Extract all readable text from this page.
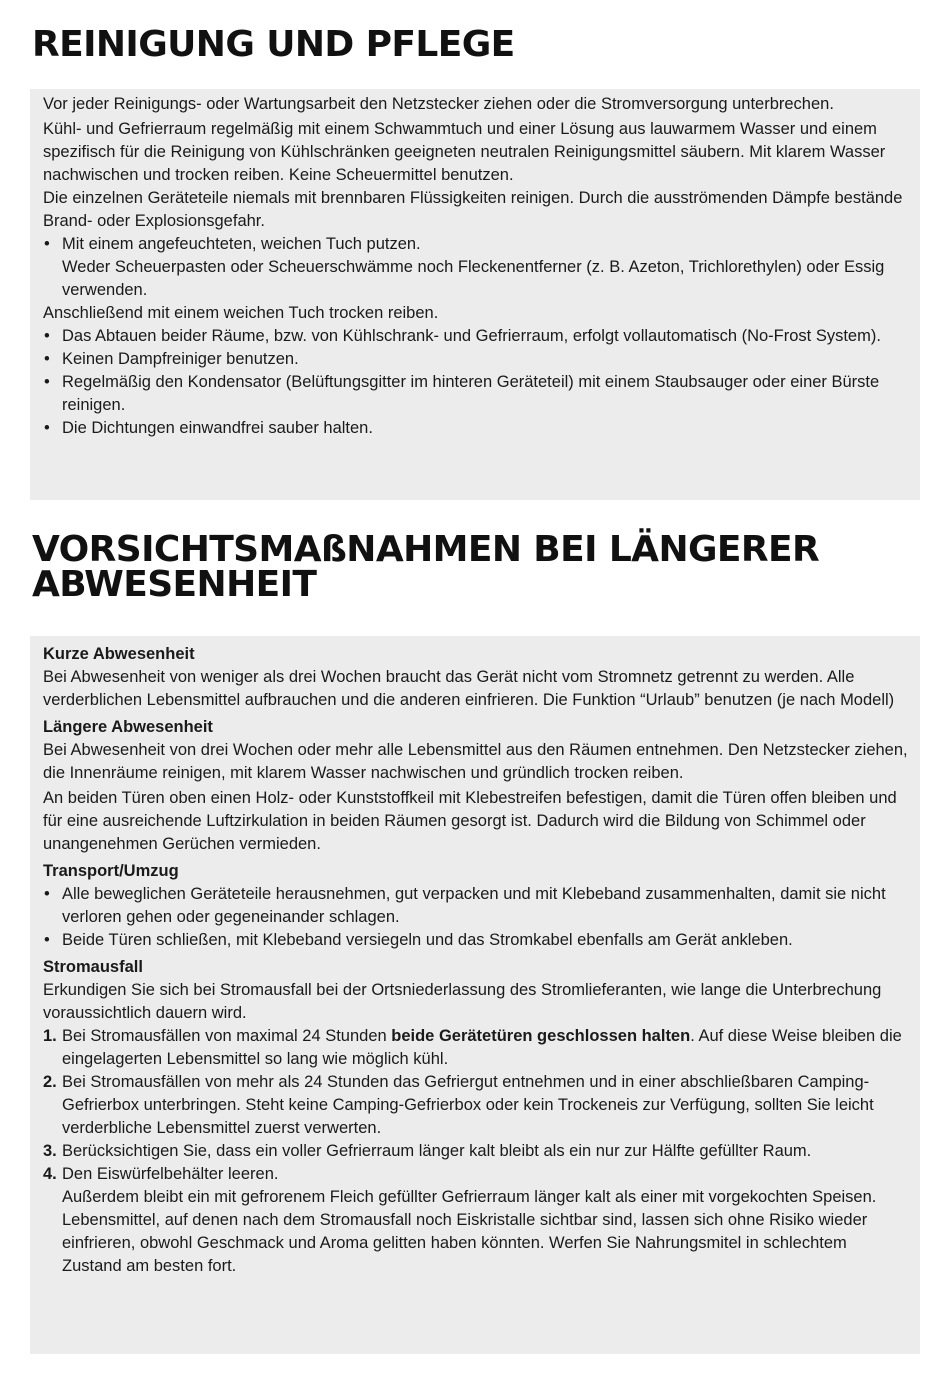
REINIGUNG UND PFLEGE

Vor jeder Reinigungs- oder Wartungsarbeit den Netzstecker ziehen oder die Stromversorgung unterbrechen.

Kühl- und Gefrierraum regelmäßig mit einem Schwammtuch und einer Lösung aus lauwarmem Wasser und einem spezifisch für die Reinigung von Kühlschränken geeigneten neutralen Reinigungsmittel säubern. Mit klarem Wasser nachwischen und trocken reiben. Keine Scheuermittel benutzen.

Die einzelnen Geräteteile niemals mit brennbaren Flüssigkeiten reinigen. Durch die ausströmenden Dämpfe bestände Brand- oder Explosionsgefahr.

• Mit einem angefeuchteten, weichen Tuch putzen.

Weder Scheuerpasten oder Scheuerschwämme noch Fleckenentferner (z. B. Azeton, Trichlorethylen) oder Essig verwenden.

Anschließend mit einem weichen Tuch trocken reiben.

• Das Abtauen beider Räume, bzw. von Kühlschrank- und Gefrierraum, erfolgt vollautomatisch (No-Frost System).
• Keinen Dampfreiniger benutzen.
• Regelmäßig den Kondensator (Belüftungsgitter im hinteren Geräteteil) mit einem Staubsauger oder einer Bürste reinigen.
• Die Dichtungen einwandfrei sauber halten.
VORSICHTSMAßNAHMEN BEI LÄNGERER ABWESENHEIT

Kurze Abwesenheit

Bei Abwesenheit von weniger als drei Wochen braucht das Gerät nicht vom Stromnetz getrennt zu werden. Alle verderblichen Lebensmittel aufbrauchen und die anderen einfrieren. Die Funktion “Urlaub” benutzen (je nach Modell)

Längere Abwesenheit

Bei Abwesenheit von drei Wochen oder mehr alle Lebensmittel aus den Räumen entnehmen. Den Netzstecker ziehen, die Innenräume reinigen, mit klarem Wasser nachwischen und gründlich trocken reiben.

An beiden Türen oben einen Holz- oder Kunststoffkeil mit Klebestreifen befestigen, damit die Türen offen bleiben und für eine ausreichende Luftzirkulation in beiden Räumen gesorgt ist. Dadurch wird die Bildung von Schimmel oder unangenehmen Gerüchen vermieden.

Transport/Umzug

• Alle beweglichen Geräteteile herausnehmen, gut verpacken und mit Klebeband zusammenhalten, damit sie nicht verloren gehen oder gegeneinander schlagen.
• Beide Türen schließen, mit Klebeband versiegeln und das Stromkabel ebenfalls am Gerät ankleben.

Stromausfall

Erkundigen Sie sich bei Stromausfall bei der Ortsniederlassung des Stromlieferanten, wie lange die Unterbrechung voraussichtlich dauern wird.

1. Bei Stromausfällen von maximal 24 Stunden beide Gerätetüren geschlossen halten. Auf diese Weise bleiben die eingelagerten Lebensmittel so lang wie möglich kühl.
2. Bei Stromausfällen von mehr als 24 Stunden das Gefriergut entnehmen und in einer abschließbaren Camping-Gefrierbox unterbringen. Steht keine Camping-Gefrierbox oder kein Trockeneis zur Verfügung, sollten Sie leicht verderbliche Lebensmittel zuerst verwerten.
3. Berücksichtigen Sie, dass ein voller Gefrierraum länger kalt bleibt als ein nur zur Hälfte gefüllter Raum.
4. Den Eiswürfelbehälter leeren.

Außerdem bleibt ein mit gefrorenem Fleich gefüllter Gefrierraum länger kalt als einer mit vorgekochten Speisen.

Lebensmittel, auf denen nach dem Stromausfall noch Eiskristalle sichtbar sind, lassen sich ohne Risiko wieder einfrieren, obwohl Geschmack und Aroma gelitten haben könnten. Werfen Sie Nahrungsmitel in schlechtem Zustand am besten fort.
